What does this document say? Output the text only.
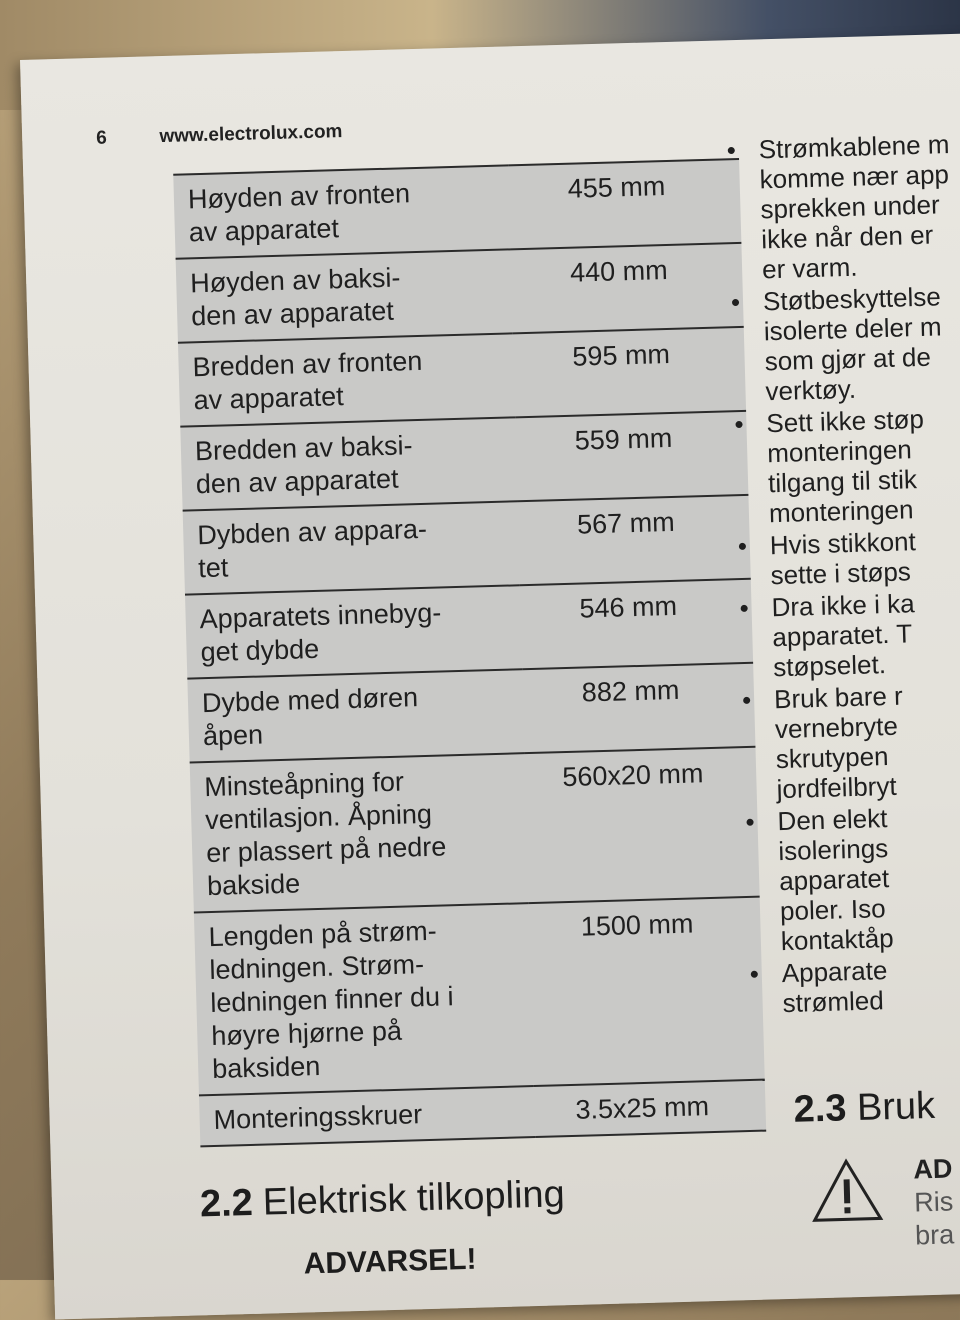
6	www.electrolux.com
Høyden av fronten
av apparatet	455 mm
Høyden av baksi-
den av apparatet	440 mm
Bredden av fronten
av apparatet	595 mm
Bredden av baksi-
den av apparatet	559 mm
Dybden av appara-
tet	567 mm
Apparatets innebyg-
get dybde	546 mm
Dybde med døren
åpen	882 mm
Minsteåpning for
ventilasjon. Åpning
er plassert på nedre
bakside	560x20 mm
Lengden på strøm-
ledningen. Strøm-
ledningen finner du i
høyre hjørne på
baksiden	1500 mm
Monteringsskruer	3.5x25 mm
2.2 Elektrisk tilkopling
ADVARSEL!
• Strømkablene m
komme nær app
sprekken under
ikke når den er
er varm.
• Støtbeskyttelse
isolerte deler m
som gjør at de
verktøy.
• Sett ikke støp
monteringen
tilgang til stik
monteringen
• Hvis stikkont
sette i støps
• Dra ikke i ka
apparatet. T
støpselet.
• Bruk bare r
vernebryte
skrutypen
jordfeilbryt
• Den elekt
isolerings
apparatet
poler. Iso
kontaktåp
• Apparate
strømled
2.3 Bruk
AD
Ris
bra
